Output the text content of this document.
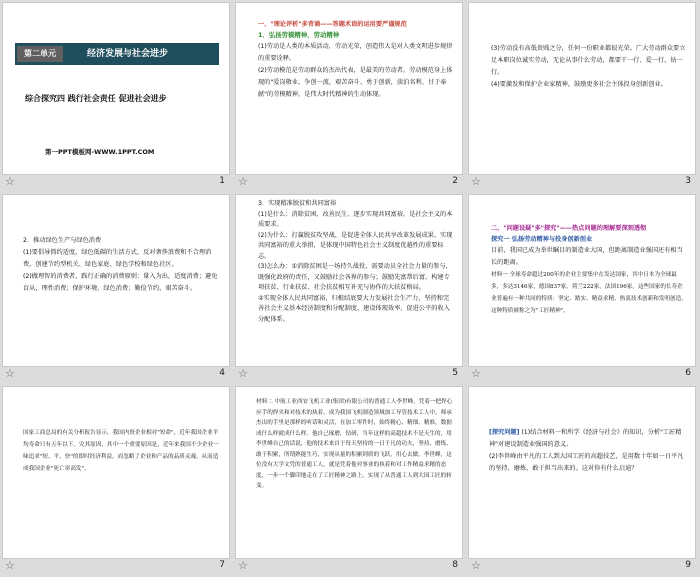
第二单元	经济发展与社会进步
综合探究四 践行社会责任 促进社会进步
第一PPT模板网-WWW.1PPT.COM
☆	1
一、"理论评析"多背诵——答题术语的运用要严谨规范
1．弘扬劳模精神、劳动精神
(1)劳动是人类的本质活动，劳动光荣，创造伟大是对人类文明进步规律的重要诠释。
(2)劳动模范是劳动群众的杰出代表，是最美的劳动者。劳动模范身上体现的"爱岗敬业、争创一流，艰苦奋斗、勇于创新，淡泊名利、甘于奉献"的劳模精神，是伟大时代精神的生动体现。
☆	2
(3)劳动没有高低贵贱之分，任何一份职业都很光荣。广大劳动群众要立足本职岗位诚实劳动，无论从事什么劳动，都要干一行、爱一行、钻一行。
(4)要激发和保护企业家精神，鼓励更多社会主体投身创新创业。
☆	3
2．推动绿色生产与绿色消费
(1)要倡导简约适度、绿色低碳的生活方式，反对奢侈浪费和不合理消费，创建节约型机关、绿色家庭、绿色学校和绿色社区。
(2)做理智的消费者，践行正确的消费原则：量入为出，适度消费；避免盲从，理性消费；保护环境，绿色消费；勤俭节约，艰苦奋斗。
☆	4
3．实现精准脱贫和共同富裕
(1)是什么：消除贫困、改善民生、逐步实现共同富裕，是社会主义的本质要求。
(2)为什么：打赢脱贫攻坚战，是促进全体人民共享改革发展成果、实现共同富裕的重大举措，是体现中国特色社会主义制度优越性的重要标志。
(3)怎么办：①消除贫困是一场持久战役，需要动员全社会力量的参与，既强化政府的责任，又鼓励社会各界的参与；鼓励先富帮后富，构建专项扶贫、行业扶贫、社会扶贫相互补充与协作的大扶贫格局。
②实现全体人民共同富裕，归根结底要大力发展社会生产力，坚持和完善社会主义基本经济制度和分配制度，建设体现效率、促进公平的收入分配体系。
☆	5
二、"问题设疑"多"探究"——热点问题的理解要深刻透彻
探究一 弘扬劳动精神与投身创新创业
目前，我国已成为举世瞩目的制造业大国，但距离制造业强国还有相当长的距离。
材料一 全球寿命超过200年的企业主要集中在发达国家，其中日本为全球最多，多达3146家，德国837家，荷兰222家，法国196家。这些国家的长寿企业普遍有一种共同的特质：坚定、踏实、精益求精、热衷技术创新和发明创造，这种特质被称之为"工匠精神"。
☆	6
国家工商总局的有关分析报告显示，我国内资企业相对"短命"，近年我国企业平均寿命只有五年以下。究其原因，其中一个重要原因是，近年来我国不少企业一味追求"短、平、快"的即时经济利益，而忽略了企业和产品的品质灵魂，从而造成我国企业"死亡率高发"。
☆	7
材料二 中航工业西安飞机工业(集团)有限公司的普通工人李世峰，凭着一把焊心应手的焊夹和对技术的执着，成为我国飞机制造领域加工导管技术工人中，师承杰出的手里是那样的听话和灵活，在加工零件时，始终精心、精细、精准，数据成什么样就成什么样。他自己琢磨，钻研，当年这样的高超技术不是天生的，用李世峰自己的话说，他的技术来自于每天坚持的一日千凡的功夫，坚持、磨炼，敢于积累，所谓熟能生巧，实现从量的积累到质的飞跃，用心去做。李世峰，这位没有大学文凭的普通工人，就是凭着他对事业的执着和对工作精益求精的态度，一步一个脚印地走在了工匠精神之路上。实现了从普通工人到大国工匠的转变。
☆	8
[探究问题] (1)结合材料一和所学《经济与社会》的知识，分析"工匠精神"对建设制造业强国的意义。
(2)李世峰由平凡的工人到大国工匠的高超技艺，是用数十年如一日平凡的坚持、磨炼、敢于担当出来的。这对你有什么启迪？
☆	9
